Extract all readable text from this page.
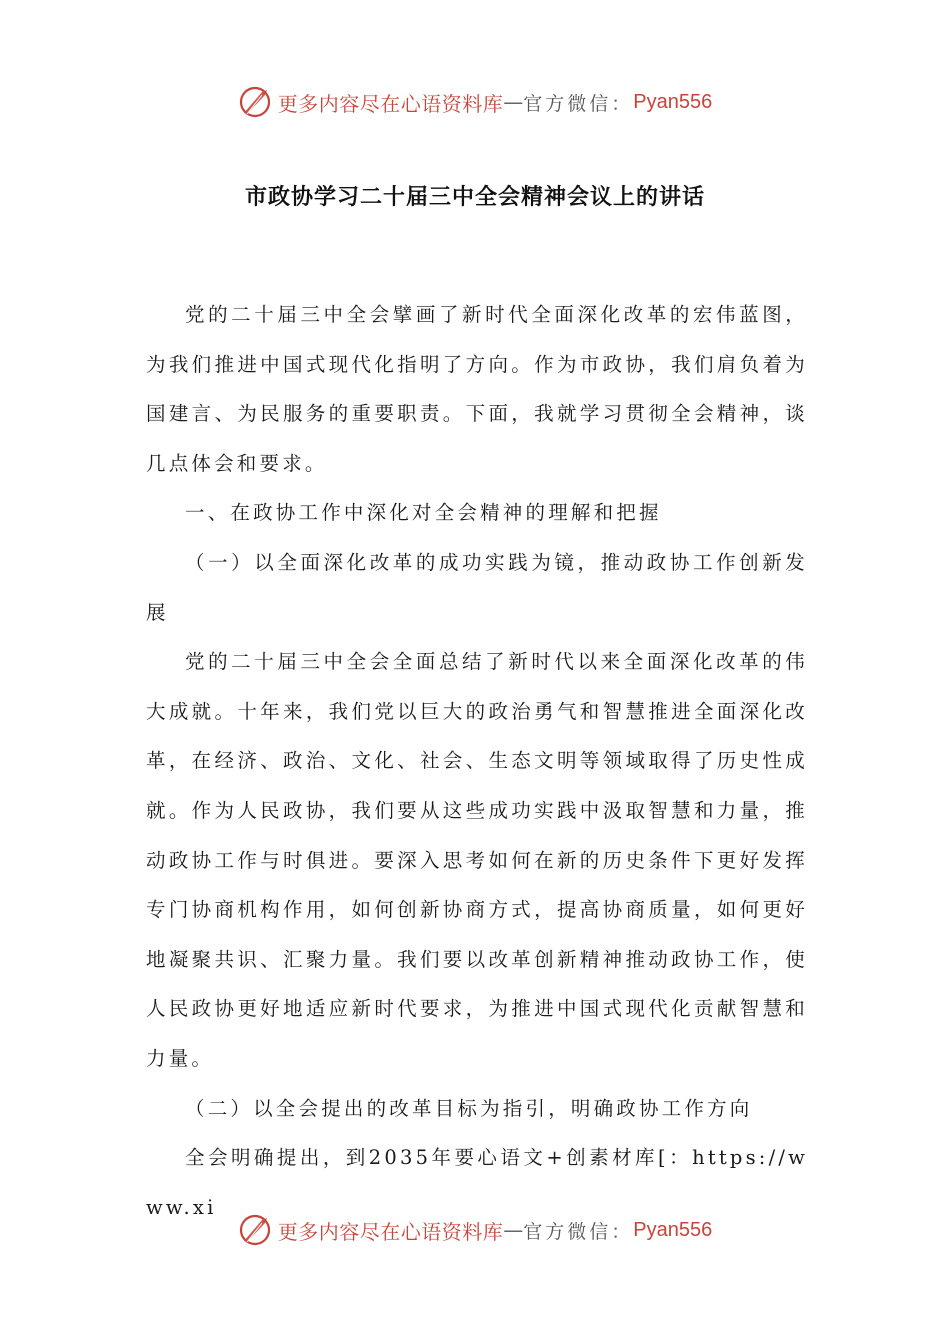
更多内容尽在心语资料库 — 官方微信： Pyan556
市政协学习二十届三中全会精神会议上的讲话

党的二十届三中全会擘画了新时代全面深化改革的宏伟蓝图，为我们推进中国式现代化指明了方向。作为市政协，我们肩负着为国建言、为民服务的重要职责。下面，我就学习贯彻全会精神，谈几点体会和要求。

一、在政协工作中深化对全会精神的理解和把握

（一）以全面深化改革的成功实践为镜，推动政协工作创新发展

党的二十届三中全会全面总结了新时代以来全面深化改革的伟大成就。十年来，我们党以巨大的政治勇气和智慧推进全面深化改革，在经济、政治、文化、社会、生态文明等领域取得了历史性成就。作为人民政协，我们要从这些成功实践中汲取智慧和力量，推动政协工作与时俱进。要深入思考如何在新的历史条件下更好发挥专门协商机构作用，如何创新协商方式，提高协商质量，如何更好地凝聚共识、汇聚力量。我们要以改革创新精神推动政协工作，使人民政协更好地适应新时代要求，为推进中国式现代化贡献智慧和力量。

（二）以全会提出的改革目标为指引，明确政协工作方向

全会明确提出，到2035年要心语文+创素材库[：https://www.xi

更多内容尽在心语资料库 — 官方微信： Pyan556
